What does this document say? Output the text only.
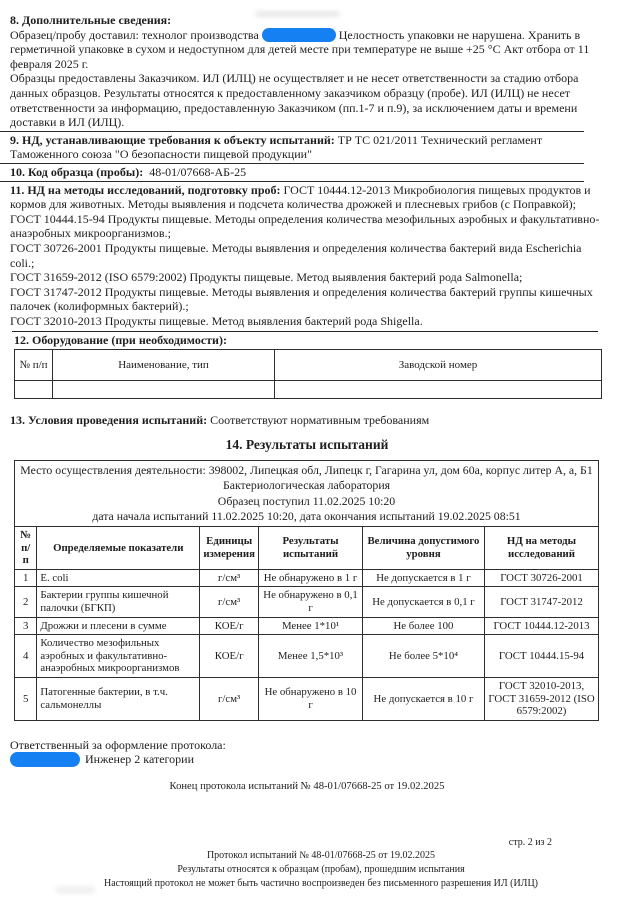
8. Дополнительные сведения:

Образец/пробу доставил: технолог производства	Целостность упаковки не нарушена. Хранить в герметичной упаковке в сухом и недоступном для детей месте при температуре не выше +25 °С Акт отбора от 11 февраля 2025 г.

Образцы предоставлены Заказчиком. ИЛ (ИЛЦ) не осуществляет и не несет ответственности за стадию отбора данных образцов. Результаты относятся к предоставленному заказчиком образцу (пробе). ИЛ (ИЛЦ) не несет ответственности за информацию, предоставленную Заказчиком (пп.1-7 и п.9), за исключением даты и времени доставки в ИЛ (ИЛЦ).

9. НД, устанавливающие требования к объекту испытаний: ТР ТС 021/2011 Технический регламент Таможенного союза "О безопасности пищевой продукции"

10. Код образца (пробы): 48-01/07668-АБ-25

11. НД на методы исследований, подготовку проб: ГОСТ 10444.12-2013 Микробиология пищевых продуктов и кормов для животных. Методы выявления и подсчета количества дрожжей и плесневых грибов (с Поправкой); ГОСТ 10444.15-94 Продукты пищевые. Методы определения количества мезофильных аэробных и факультативно-анаэробных микроорганизмов.;

ГОСТ 30726-2001 Продукты пищевые. Методы выявления и определения количества бактерий вида Escherichia coli.;

ГОСТ 31659-2012 (ISO 6579:2002) Продукты пищевые. Метод выявления бактерий рода Salmonella;

ГОСТ 31747-2012 Продукты пищевые. Методы выявления и определения количества бактерий группы кишечных палочек (колиформных бактерий).;

ГОСТ 32010-2013 Продукты пищевые. Метод выявления бактерий рода Shigella.

12. Оборудование (при необходимости):
№ п/п	Наименование, тип	Заводской номер

13. Условия проведения испытаний: Соответствуют нормативным требованиям

14. Результаты испытаний
Место осуществления деятельности: 398002, Липецкая обл, Липецк г, Гагарина ул, дом 60а, корпус литер А, а, Б1
Бактериологическая лаборатория
Образец поступил 11.02.2025 10:20
дата начала испытаний 11.02.2025 10:20, дата окончания испытаний 19.02.2025 08:51
№ п/п	Определяемые показатели	Единицы измерения	Результаты испытаний	Величина допустимого уровня	НД на методы исследований
1	E. coli	г/см³	Не обнаружено в 1 г	Не допускается в 1 г	ГОСТ 30726-2001
2	Бактерии группы кишечной палочки (БГКП)	г/см³	Не обнаружено в 0,1 г	Не допускается в 0,1 г	ГОСТ 31747-2012
3	Дрожжи и плесени в сумме	КОЕ/г	Менее 1*10¹	Не более 100	ГОСТ 10444.12-2013
4	Количество мезофильных аэробных и факультативно-анаэробных микроорганизмов	КОЕ/г	Менее 1,5*10³	Не более 5*10⁴	ГОСТ 10444.15-94
5	Патогенные бактерии, в т.ч. сальмонеллы	г/см³	Не обнаружено в 10 г	Не допускается в 10 г	ГОСТ 32010-2013, ГОСТ 31659-2012 (ISO 6579:2002)
Ответственный за оформление протокола:
Инженер 2 категории
Конец протокола испытаний № 48-01/07668-25 от 19.02.2025
стр. 2 из 2
Протокол испытаний № 48-01/07668-25 от 19.02.2025
Результаты относятся к образцам (пробам), прошедшим испытания
Настоящий протокол не может быть частично воспроизведен без письменного разрешения ИЛ (ИЛЦ)
